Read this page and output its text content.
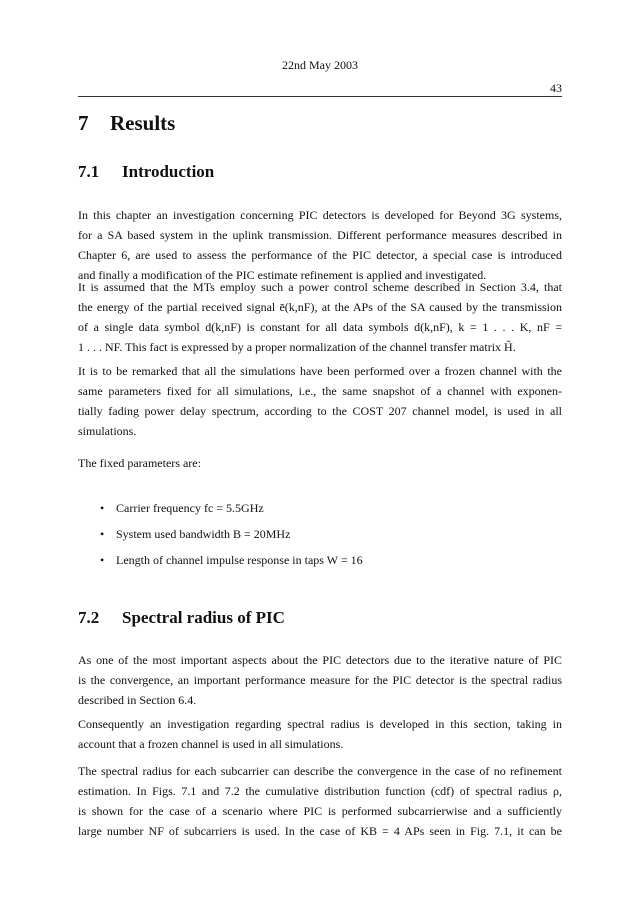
22nd May 2003
43
7 Results
7.1 Introduction
In this chapter an investigation concerning PIC detectors is developed for Beyond 3G systems,
for a SA based system in the uplink transmission. Different performance measures described in
Chapter 6, are used to assess the performance of the PIC detector, a special case is introduced
and finally a modification of the PIC estimate refinement is applied and investigated.
It is assumed that the MTs employ such a power control scheme described in Section 3.4, that
the energy of the partial received signal ē(k,nF), at the APs of the SA caused by the transmission
of a single data symbol d(k,nF) is constant for all data symbols d(k,nF), k = 1 . . . K, nF =
1 . . . NF. This fact is expressed by a proper normalization of the channel transfer matrix H̃.
It is to be remarked that all the simulations have been performed over a frozen channel with the
same parameters fixed for all simulations, i.e., the same snapshot of a channel with exponen-
tially fading power delay spectrum, according to the COST 207 channel model, is used in all
simulations.
The fixed parameters are:
• Carrier frequency fc = 5.5GHz
• System used bandwidth B = 20MHz
• Length of channel impulse response in taps W = 16
7.2 Spectral radius of PIC
As one of the most important aspects about the PIC detectors due to the iterative nature of PIC
is the convergence, an important performance measure for the PIC detector is the spectral radius
described in Section 6.4.
Consequently an investigation regarding spectral radius is developed in this section, taking in
account that a frozen channel is used in all simulations.
The spectral radius for each subcarrier can describe the convergence in the case of no refinement
estimation. In Figs. 7.1 and 7.2 the cumulative distribution function (cdf) of spectral radius ρ,
is shown for the case of a scenario where PIC is performed subcarrierwise and a sufficiently
large number NF of subcarriers is used. In the case of KB = 4 APs seen in Fig. 7.1, it can be
